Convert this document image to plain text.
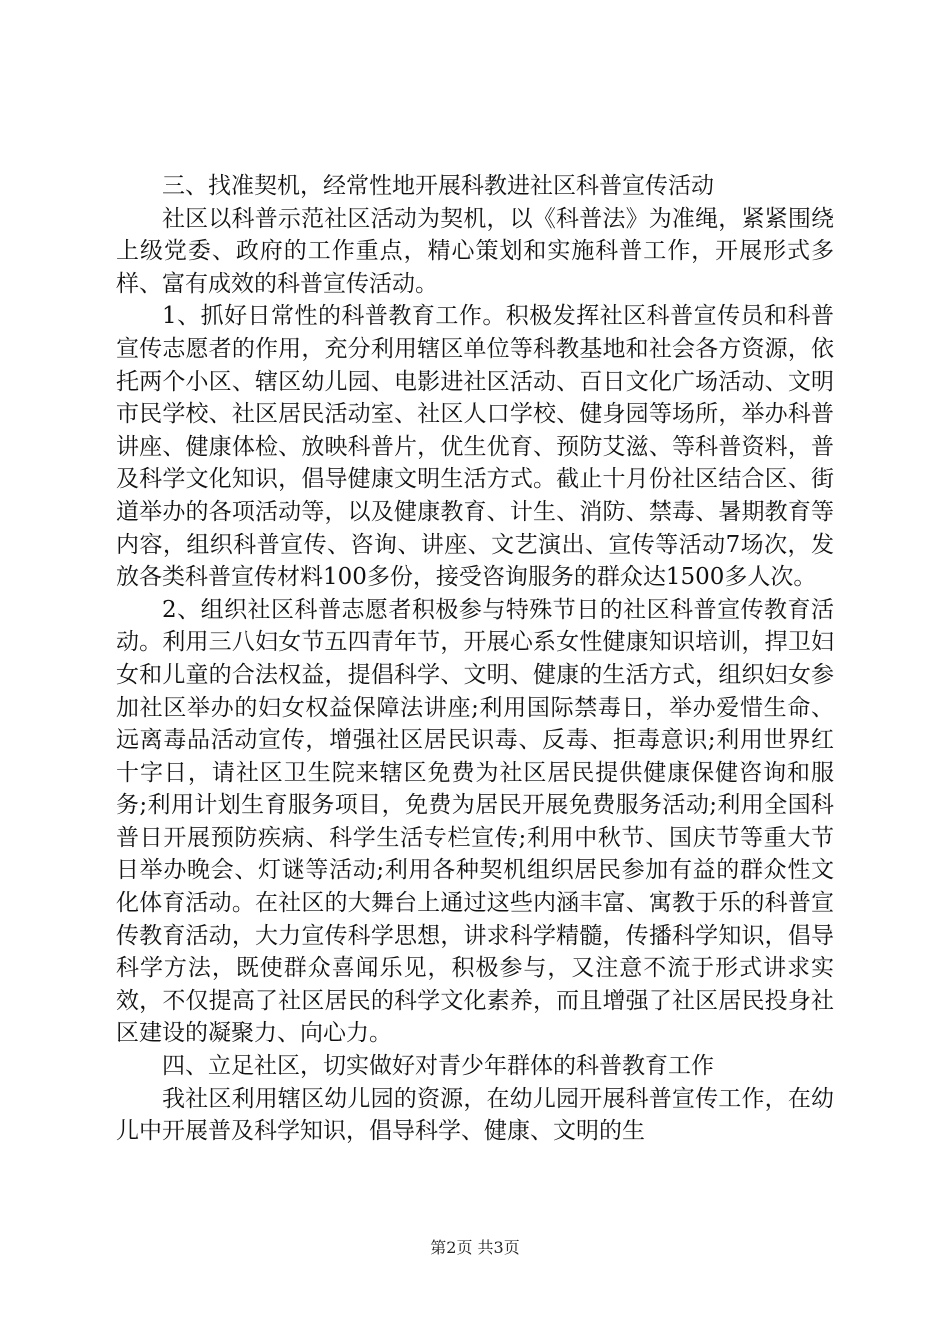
三、找准契机，经常性地开展科教进社区科普宣传活动

社区以科普示范社区活动为契机，以《科普法》为准绳，紧紧围绕上级党委、政府的工作重点，精心策划和实施科普工作，开展形式多样、富有成效的科普宣传活动。

1、抓好日常性的科普教育工作。积极发挥社区科普宣传员和科普宣传志愿者的作用，充分利用辖区单位等科教基地和社会各方资源，依托两个小区、辖区幼儿园、电影进社区活动、百日文化广场活动、文明市民学校、社区居民活动室、社区人口学校、健身园等场所，举办科普讲座、健康体检、放映科普片，优生优育、预防艾滋、等科普资料，普及科学文化知识，倡导健康文明生活方式。截止十月份社区结合区、街道举办的各项活动等，以及健康教育、计生、消防、禁毒、暑期教育等内容，组织科普宣传、咨询、讲座、文艺演出、宣传等活动7场次，发放各类科普宣传材料100多份，接受咨询服务的群众达1500多人次。

2、组织社区科普志愿者积极参与特殊节日的社区科普宣传教育活动。利用三八妇女节五四青年节，开展心系女性健康知识培训，捍卫妇女和儿童的合法权益，提倡科学、文明、健康的生活方式，组织妇女参加社区举办的妇女权益保障法讲座;利用国际禁毒日，举办爱惜生命、远离毒品活动宣传，增强社区居民识毒、反毒、拒毒意识;利用世界红十字日，请社区卫生院来辖区免费为社区居民提供健康保健咨询和服务;利用计划生育服务项目，免费为居民开展免费服务活动;利用全国科普日开展预防疾病、科学生活专栏宣传;利用中秋节、国庆节等重大节日举办晚会、灯谜等活动;利用各种契机组织居民参加有益的群众性文化体育活动。在社区的大舞台上通过这些内涵丰富、寓教于乐的科普宣传教育活动，大力宣传科学思想，讲求科学精髓，传播科学知识，倡导科学方法，既使群众喜闻乐见，积极参与，又注意不流于形式讲求实效，不仅提高了社区居民的科学文化素养，而且增强了社区居民投身社区建设的凝聚力、向心力。

四、立足社区，切实做好对青少年群体的科普教育工作

我社区利用辖区幼儿园的资源，在幼儿园开展科普宣传工作，在幼儿中开展普及科学知识，倡导科学、健康、文明的生

第2页 共3页
